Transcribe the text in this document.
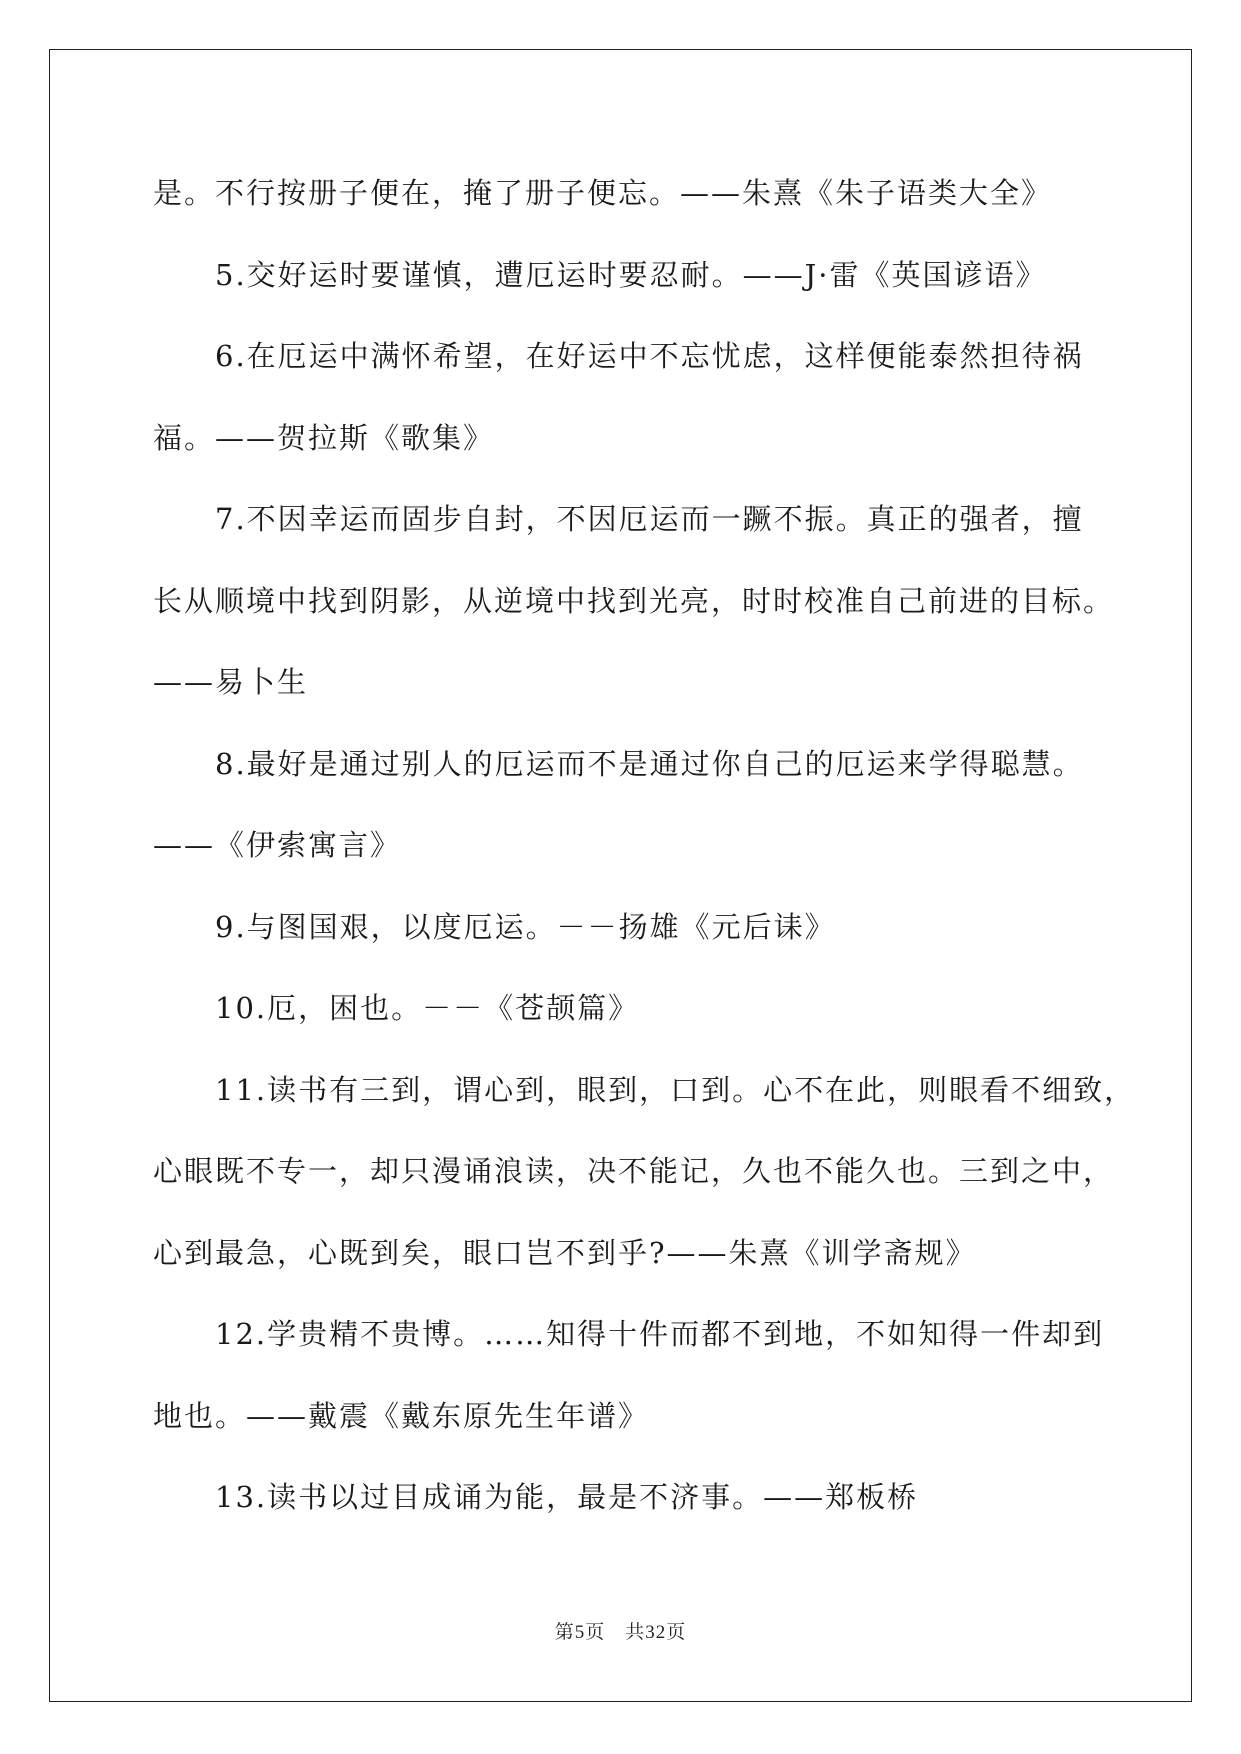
是。不行按册子便在，掩了册子便忘。——朱熹《朱子语类大全》
5.交好运时要谨慎，遭厄运时要忍耐。——J·雷《英国谚语》
6.在厄运中满怀希望，在好运中不忘忧虑，这样便能泰然担待祸
福。——贺拉斯《歌集》
7.不因幸运而固步自封，不因厄运而一蹶不振。真正的强者，擅
长从顺境中找到阴影，从逆境中找到光亮，时时校准自己前进的目标。
——易卜生
8.最好是通过别人的厄运而不是通过你自己的厄运来学得聪慧。
——《伊索寓言》
9.与图国艰，以度厄运。－－扬雄《元后诔》
10.厄，困也。－－《苍颉篇》
11.读书有三到，谓心到，眼到，口到。心不在此，则眼看不细致，
心眼既不专一，却只漫诵浪读，决不能记，久也不能久也。三到之中，
心到最急，心既到矣，眼口岂不到乎?——朱熹《训学斋规》
12.学贵精不贵博。……知得十件而都不到地，不如知得一件却到
地也。——戴震《戴东原先生年谱》
13.读书以过目成诵为能，最是不济事。——郑板桥
第5页 共32页
